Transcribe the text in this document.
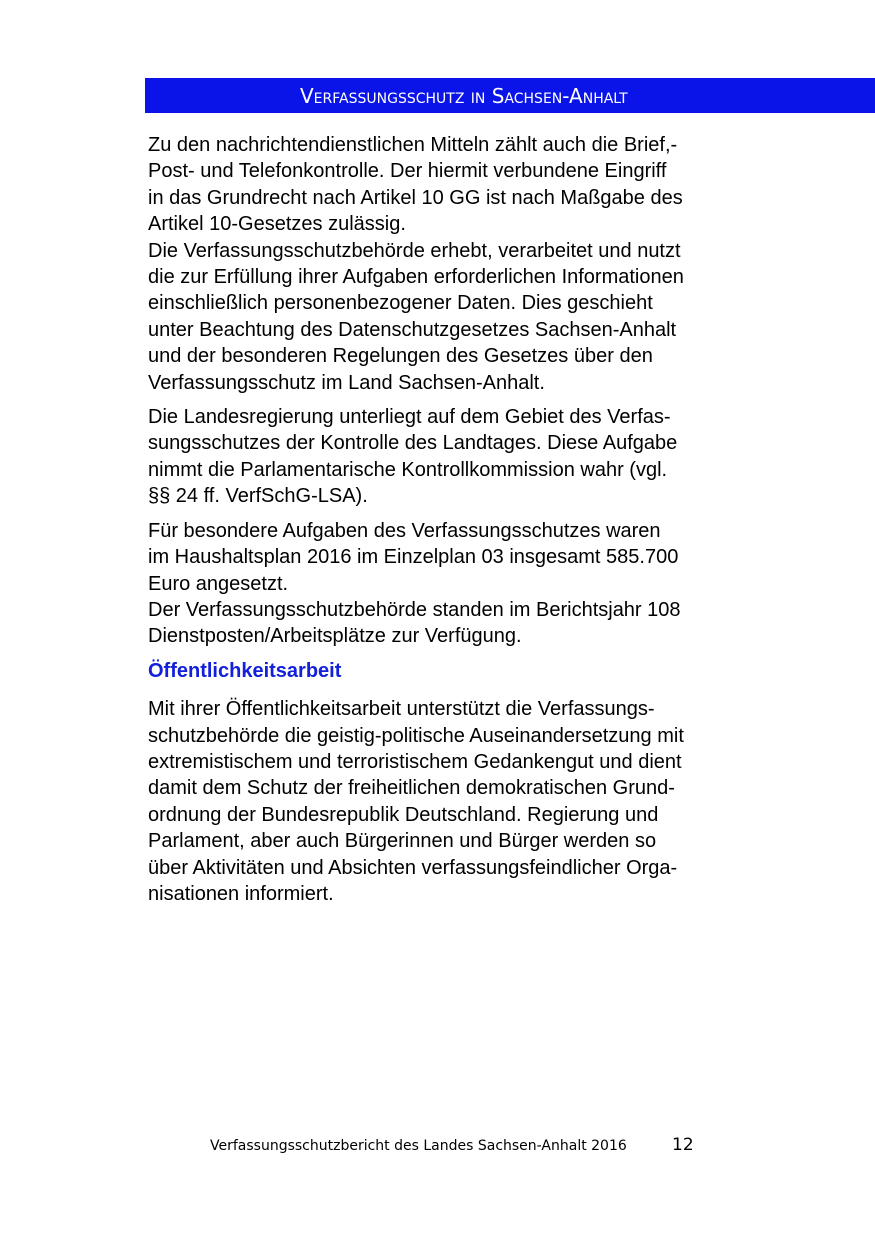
Verfassungsschutz in Sachsen-Anhalt

Zu den nachrichtendienstlichen Mitteln zählt auch die Brief,-
Post- und Telefonkontrolle. Der hiermit verbundene Eingriff
in das Grundrecht nach Artikel 10 GG ist nach Maßgabe des
Artikel 10-Gesetzes zulässig.

Die Verfassungsschutzbehörde erhebt, verarbeitet und nutzt
die zur Erfüllung ihrer Aufgaben erforderlichen Informationen
einschließlich personenbezogener Daten. Dies geschieht
unter Beachtung des Datenschutzgesetzes Sachsen-Anhalt
und der besonderen Regelungen des Gesetzes über den
Verfassungsschutz im Land Sachsen-Anhalt.

Die Landesregierung unterliegt auf dem Gebiet des Verfas-
sungsschutzes der Kontrolle des Landtages. Diese Aufgabe
nimmt die Parlamentarische Kontrollkommission wahr (vgl.
§§ 24 ff. VerfSchG-LSA).

Für besondere Aufgaben des Verfassungsschutzes waren
im Haushaltsplan 2016 im Einzelplan 03 insgesamt 585.700
Euro angesetzt.

Der Verfassungsschutzbehörde standen im Berichtsjahr 108
Dienstposten/Arbeitsplätze zur Verfügung.

Öffentlichkeitsarbeit

Mit ihrer Öffentlichkeitsarbeit unterstützt die Verfassungs-
schutzbehörde die geistig-politische Auseinandersetzung mit
extremistischem und terroristischem Gedankengut und dient
damit dem Schutz der freiheitlichen demokratischen Grund-
ordnung der Bundesrepublik Deutschland. Regierung und
Parlament, aber auch Bürgerinnen und Bürger werden so
über Aktivitäten und Absichten verfassungsfeindlicher Orga-
nisationen informiert.

Verfassungsschutzbericht des Landes Sachsen-Anhalt 2016	12
